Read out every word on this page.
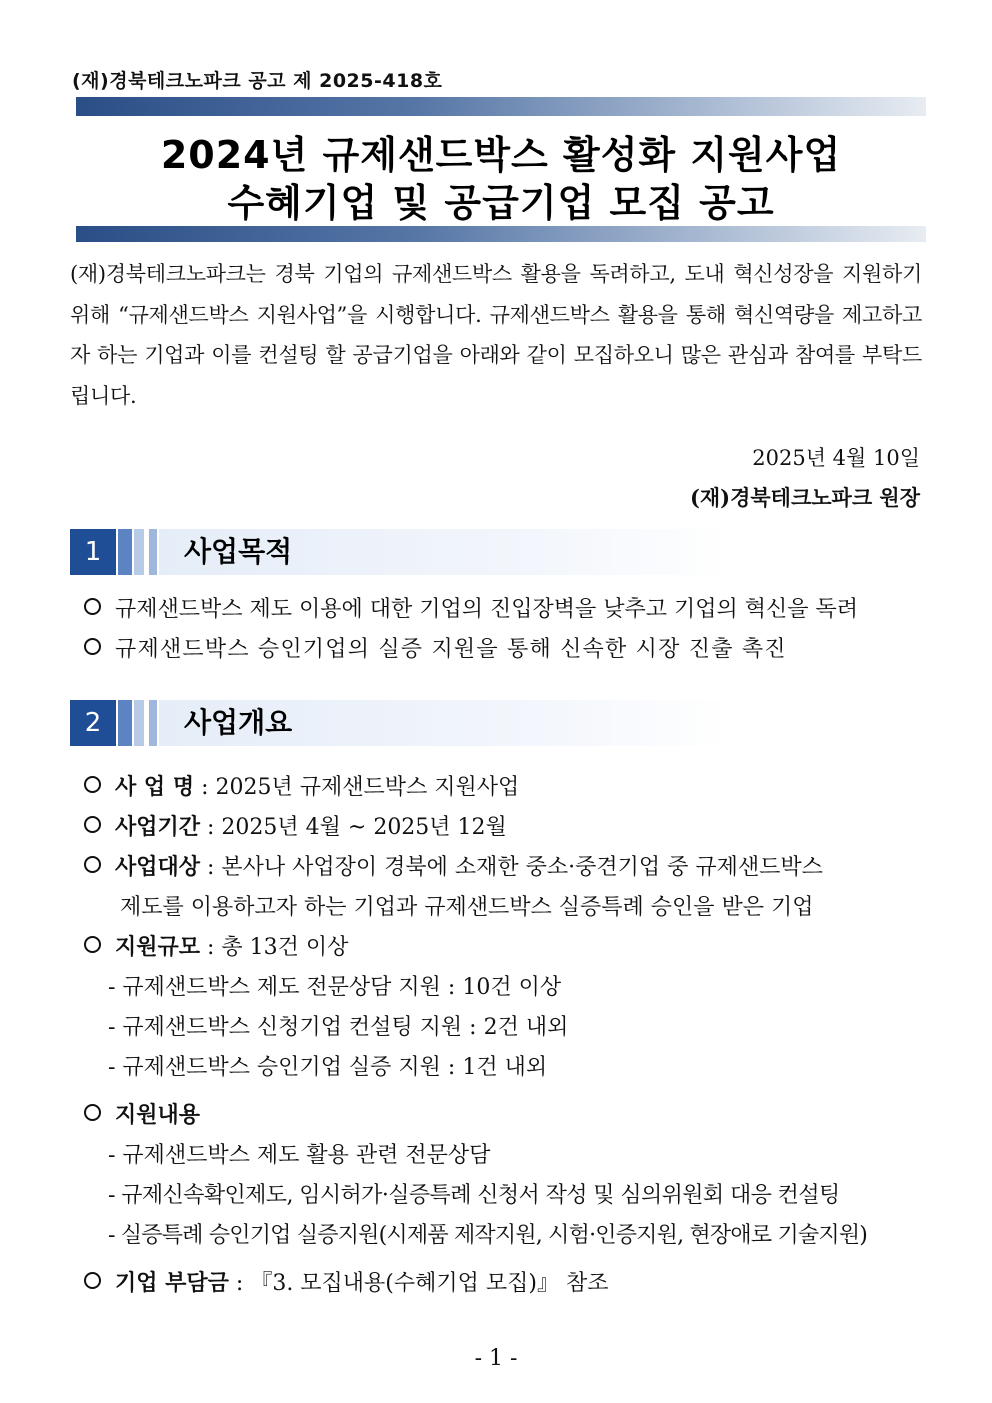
(재)경북테크노파크 공고 제 2025-418호
2024년 규제샌드박스 활성화 지원사업
수혜기업 및 공급기업 모집 공고
(재)경북테크노파크는 경북 기업의 규제샌드박스 활용을 독려하고, 도내 혁신성장을 지원하기 위해 “규제샌드박스 지원사업”을 시행합니다. 규제샌드박스 활용을 통해 혁신역량을 제고하고자 하는 기업과 이를 컨설팅 할 공급기업을 아래와 같이 모집하오니 많은 관심과 참여를 부탁드립니다.
2025년 4월 10일
(재)경북테크노파크 원장
1	사업목적
규제샌드박스 제도 이용에 대한 기업의 진입장벽을 낮추고 기업의 혁신을 독려
규제샌드박스 승인기업의 실증 지원을 통해 신속한 시장 진출 촉진
2	사업개요
사 업 명 : 2025년 규제샌드박스 지원사업
사업기간 : 2025년 4월 ~ 2025년 12월
사업대상 : 본사나 사업장이 경북에 소재한 중소·중견기업 중 규제샌드박스
제도를 이용하고자 하는 기업과 규제샌드박스 실증특례 승인을 받은 기업
지원규모 : 총 13건 이상
- 규제샌드박스 제도 전문상담 지원 : 10건 이상
- 규제샌드박스 신청기업 컨설팅 지원 : 2건 내외
- 규제샌드박스 승인기업 실증 지원 : 1건 내외
지원내용
- 규제샌드박스 제도 활용 관련 전문상담
- 규제신속확인제도, 임시허가·실증특례 신청서 작성 및 심의위원회 대응 컨설팅
- 실증특례 승인기업 실증지원(시제품 제작지원, 시험·인증지원, 현장애로 기술지원)
기업 부담금 : 『3. 모집내용(수혜기업 모집)』 참조
- 1 -
